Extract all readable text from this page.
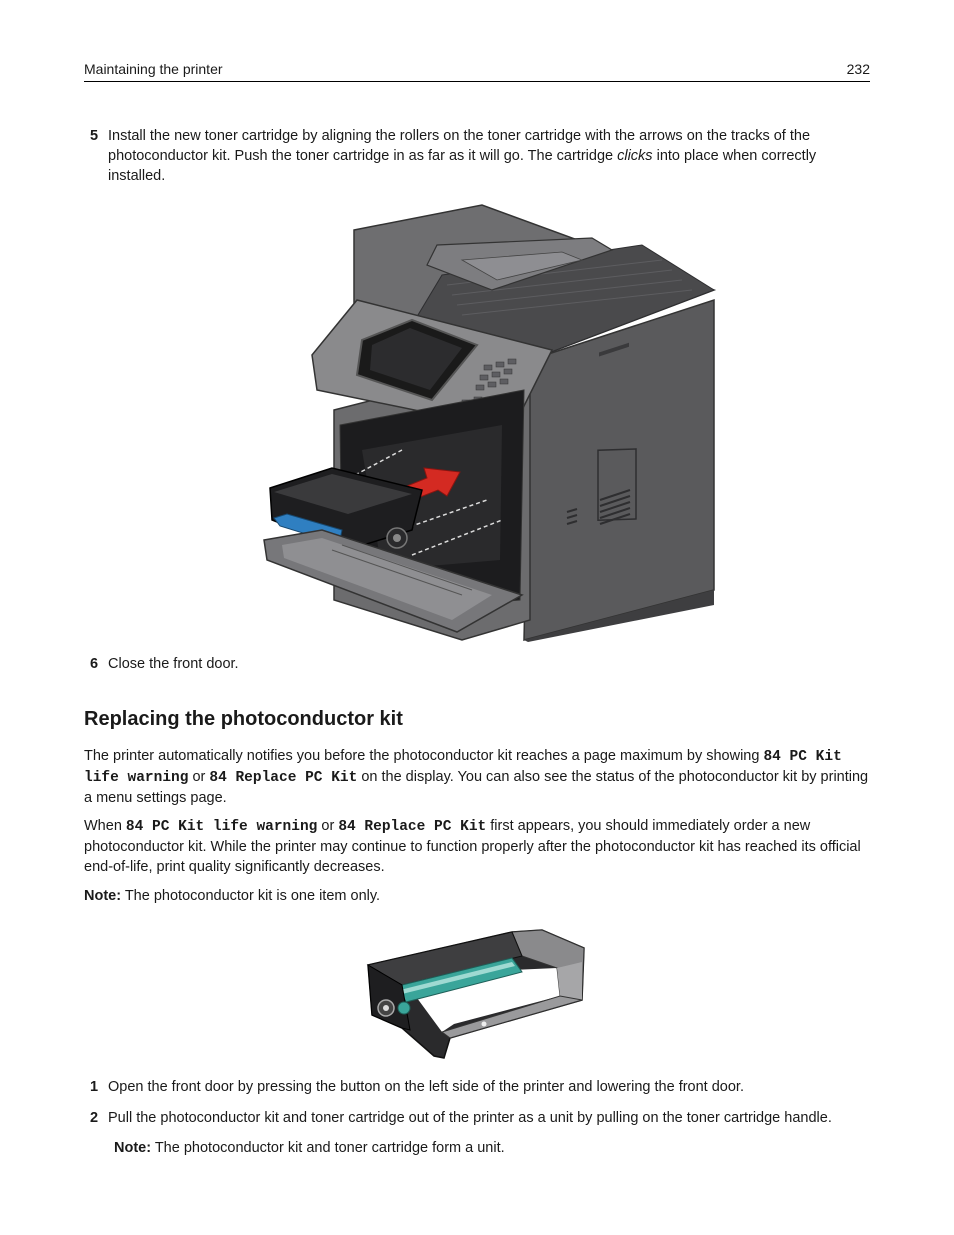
Maintaining the printer	232
5 Install the new toner cartridge by aligning the rollers on the toner cartridge with the arrows on the tracks of the photoconductor kit. Push the toner cartridge in as far as it will go. The cartridge clicks into place when correctly installed.
6 Close the front door.
Replacing the photoconductor kit
The printer automatically notifies you before the photoconductor kit reaches a page maximum by showing 84 PC Kit life warning or 84 Replace PC Kit on the display. You can also see the status of the photoconductor kit by printing a menu settings page.
When 84 PC Kit life warning or 84 Replace PC Kit first appears, you should immediately order a new photoconductor kit. While the printer may continue to function properly after the photoconductor kit has reached its official end-of-life, print quality significantly decreases.
Note: The photoconductor kit is one item only.
1 Open the front door by pressing the button on the left side of the printer and lowering the front door.
2 Pull the photoconductor kit and toner cartridge out of the printer as a unit by pulling on the toner cartridge handle.
Note: The photoconductor kit and toner cartridge form a unit.
